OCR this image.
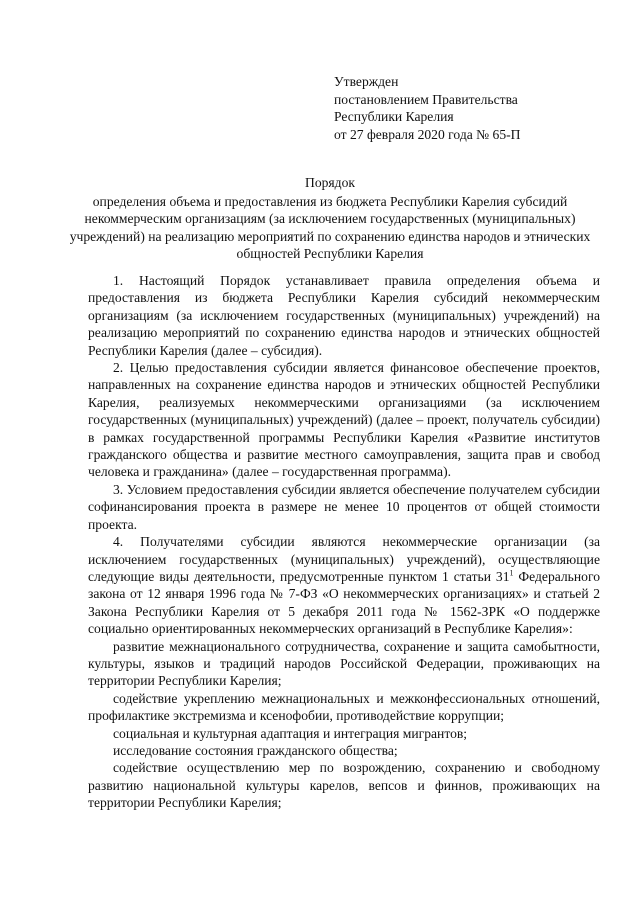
Утвержден
постановлением Правительства
Республики Карелия
от 27 февраля 2020 года № 65-П
Порядок
определения объема и предоставления из бюджета Республики Карелия субсидий некоммерческим организациям (за исключением государственных (муниципальных) учреждений) на реализацию мероприятий по сохранению единства народов и этнических общностей Республики Карелия

1. Настоящий Порядок устанавливает правила определения объема и предоставления из бюджета Республики Карелия субсидий некоммерческим организациям (за исключением государственных (муниципальных) учреждений) на реализацию мероприятий по сохранению единства народов и этнических общностей Республики Карелия (далее – субсидия).

2. Целью предоставления субсидии является финансовое обеспечение проектов, направленных на сохранение единства народов и этнических общностей Республики Карелия, реализуемых некоммерческими организациями (за исключением государственных (муниципальных) учреждений) (далее – проект, получатель субсидии) в рамках государственной программы Республики Карелия «Развитие институтов гражданского общества и развитие местного самоуправления, защита прав и свобод человека и гражданина» (далее – государственная программа).

3. Условием предоставления субсидии является обеспечение получателем субсидии софинансирования проекта в размере не менее 10 процентов от общей стоимости проекта.

4. Получателями субсидии являются некоммерческие организации (за исключением государственных (муниципальных) учреждений), осуществляющие следующие виды деятельности, предусмотренные пунктом 1 статьи $31^1$ Федерального закона от 12 января 1996 года № 7-ФЗ «О некоммерческих организациях» и статьей 2 Закона Республики Карелия от 5 декабря 2011 года № 1562-ЗРК «О поддержке социально ориентированных некоммерческих организаций в Республике Карелия»:

развитие межнационального сотрудничества, сохранение и защита самобытности, культуры, языков и традиций народов Российской Федерации, проживающих на территории Республики Карелия;

содействие укреплению межнациональных и межконфессиональных отношений, профилактике экстремизма и ксенофобии, противодействие коррупции;

социальная и культурная адаптация и интеграция мигрантов;

исследование состояния гражданского общества;

содействие осуществлению мер по возрождению, сохранению и свободному развитию национальной культуры карелов, вепсов и финнов, проживающих на территории Республики Карелия;
